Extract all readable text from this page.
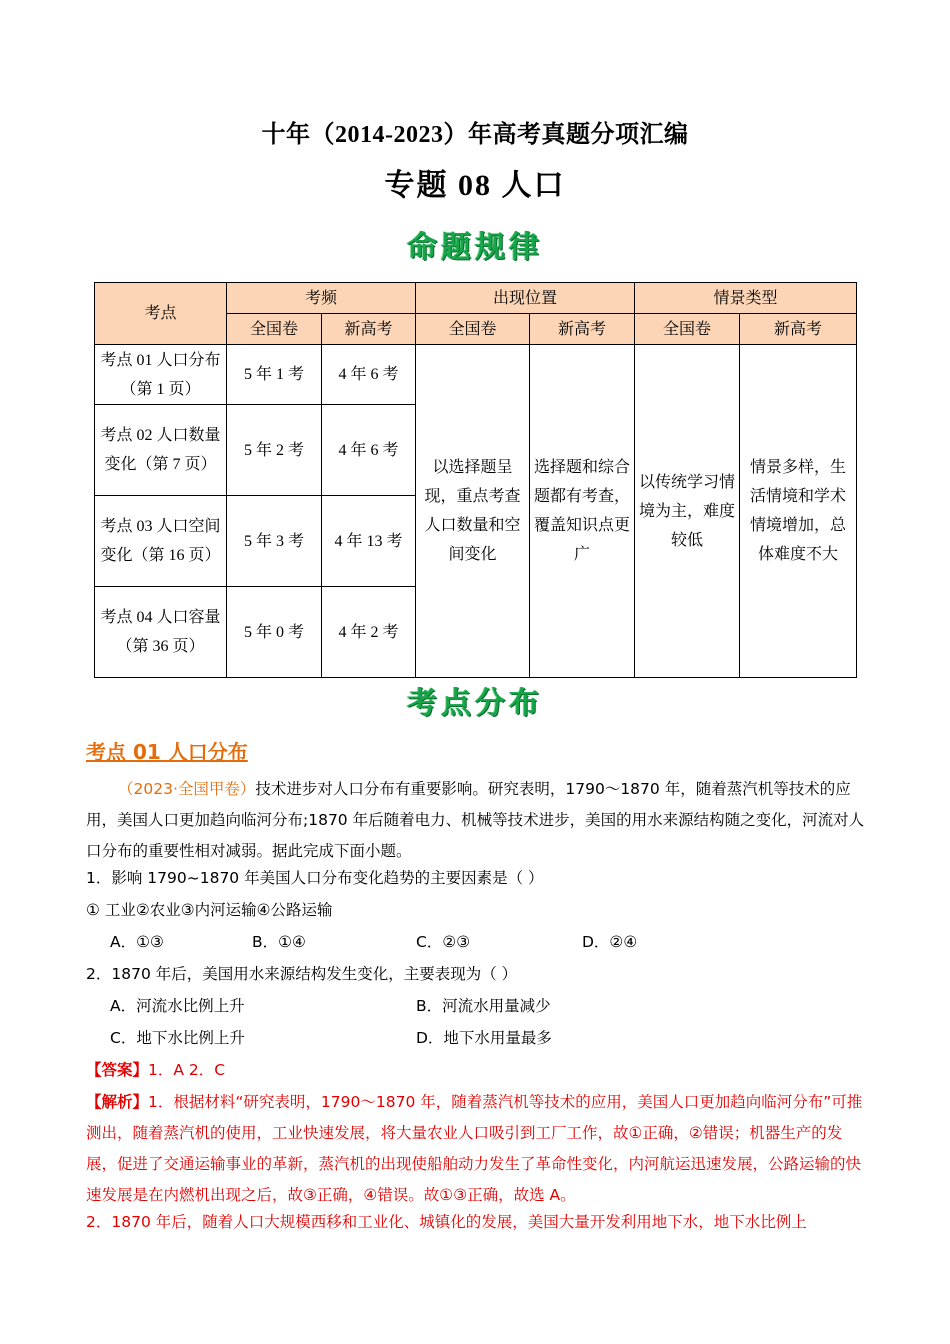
十年（2014-2023）年高考真题分项汇编
专题 08 人口
命题规律
考点	考频		出现位置		情景类型	
	全国卷	新高考	全国卷	新高考	全国卷	新高考
考点 01 人口分布（第 1 页）	5 年 1 考	4 年 6 考	以选择题呈现，重点考查人口数量和空间变化	选择题和综合题都有考查，覆盖知识点更广	以传统学习情境为主，难度较低	情景多样，生活情境和学术情境增加，总体难度不大
考点 02 人口数量变化（第 7 页）	5 年 2 考	4 年 6 考				
考点 03 人口空间变化（第 16 页）	5 年 3 考	4 年 13 考				
考点 04 人口容量（第 36 页）	5 年 0 考	4 年 2 考				
考点分布
考点 01 人口分布
（2023·全国甲卷）技术进步对人口分布有重要影响。研究表明，1790～1870 年，随着蒸汽机等技术的应用，美国人口更加趋向临河分布;1870 年后随着电力、机械等技术进步，美国的用水来源结构随之变化，河流对人口分布的重要性相对减弱。据此完成下面小题。
1．影响 1790~1870 年美国人口分布变化趋势的主要因素是（ ）
① 工业②农业③内河运输④公路运输
A．①③	B．①④	C．②③	D．②④
2．1870 年后，美国用水来源结构发生变化，主要表现为（ ）
A．河流水比例上升	B．河流水用量减少
C．地下水比例上升	D．地下水用量最多
【答案】1．A 2．C
【解析】1．根据材料“研究表明，1790～1870 年，随着蒸汽机等技术的应用，美国人口更加趋向临河分布”可推测出，随着蒸汽机的使用，工业快速发展，将大量农业人口吸引到工厂工作，故①正确，②错误；机器生产的发展，促进了交通运输事业的革新，蒸汽机的出现使船舶动力发生了革命性变化，内河航运迅速发展，公路运输的快速发展是在内燃机出现之后，故③正确，④错误。故①③正确，故选 A。
2．1870 年后，随着人口大规模西移和工业化、城镇化的发展，美国大量开发利用地下水，地下水比例上
